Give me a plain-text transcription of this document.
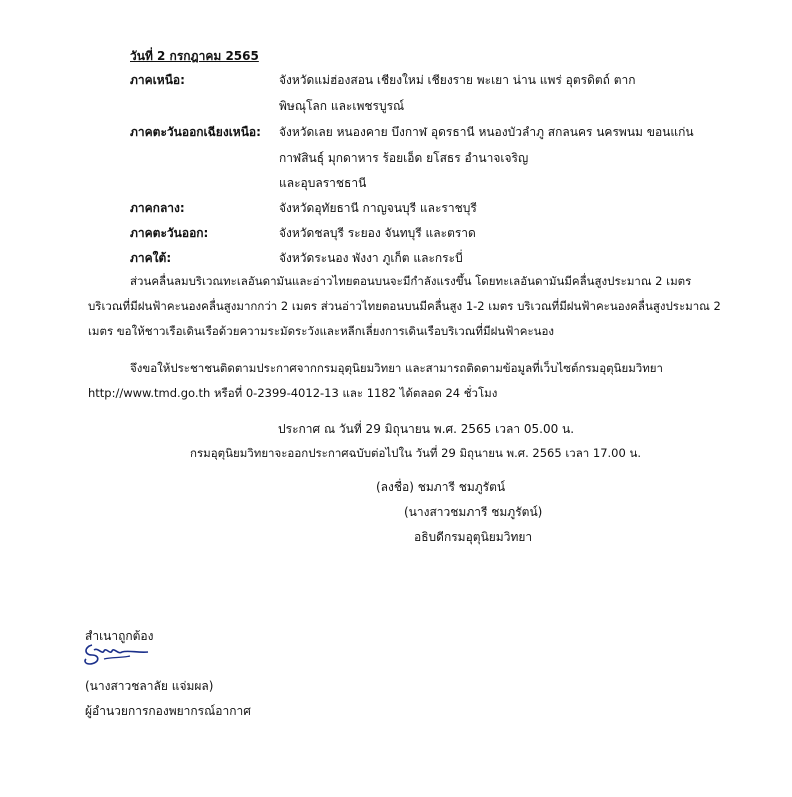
วันที่ 2 กรกฎาคม 2565
ภาคเหนือ:	จังหวัดแม่ฮ่องสอน เชียงใหม่ เชียงราย พะเยา น่าน แพร่ อุตรดิตถ์ ตาก
พิษณุโลก และเพชรบูรณ์
ภาคตะวันออกเฉียงเหนือ: จังหวัดเลย หนองคาย บึงกาฬ อุดรธานี หนองบัวลำภู สกลนคร นครพนม ขอนแก่น
กาฬสินธุ์ มุกดาหาร ร้อยเอ็ด ยโสธร อำนาจเจริญ
และอุบลราชธานี
ภาคกลาง:	จังหวัดอุทัยธานี กาญจนบุรี และราชบุรี
ภาคตะวันออก:	จังหวัดชลบุรี ระยอง จันทบุรี และตราด
ภาคใต้:	จังหวัดระนอง พังงา ภูเก็ต และกระบี่
ส่วนคลื่นลมบริเวณทะเลอันดามันและอ่าวไทยตอนบนจะมีกำลังแรงขึ้น โดยทะเลอันดามันมีคลื่นสูงประมาณ 2 เมตร
บริเวณที่มีฝนฟ้าคะนองคลื่นสูงมากกว่า 2 เมตร ส่วนอ่าวไทยตอนบนมีคลื่นสูง 1-2 เมตร บริเวณที่มีฝนฟ้าคะนองคลื่นสูงประมาณ 2
เมตร ขอให้ชาวเรือเดินเรือด้วยความระมัดระวังและหลีกเลี่ยงการเดินเรือบริเวณที่มีฝนฟ้าคะนอง
จึงขอให้ประชาชนติดตามประกาศจากกรมอุตุนิยมวิทยา และสามารถติดตามข้อมูลที่เว็บไซต์กรมอุตุนิยมวิทยา
http://www.tmd.go.th หรือที่ 0-2399-4012-13 และ 1182 ได้ตลอด 24 ชั่วโมง
ประกาศ ณ วันที่ 29 มิถุนายน พ.ศ. 2565 เวลา 05.00 น.
กรมอุตุนิยมวิทยาจะออกประกาศฉบับต่อไปใน วันที่ 29 มิถุนายน พ.ศ. 2565 เวลา 17.00 น.
(ลงชื่อ) ชมภารี ชมภูรัตน์
(นางสาวชมภารี ชมภูรัตน์)
อธิบดีกรมอุตุนิยมวิทยา
สำเนาถูกต้อง
(นางสาวชลาลัย แจ่มผล)
ผู้อำนวยการกองพยากรณ์อากาศ
